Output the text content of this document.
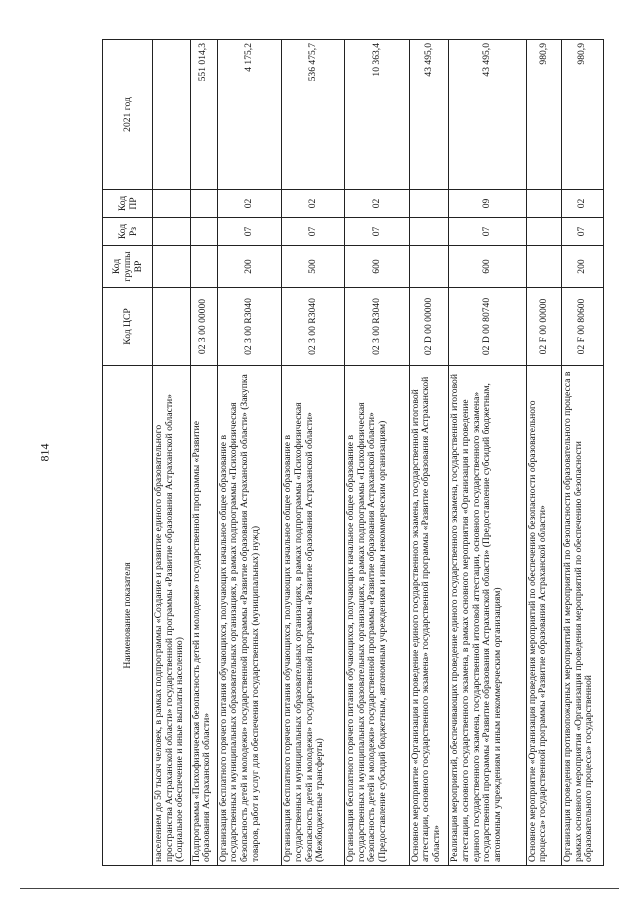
814
Наименование показателя	Код ЦСР	Код группы ВР	Код Рз	Код ПР	2021 год
населением до 50 тысяч человек, в рамках подпрограммы «Создание и развитие единого образовательного пространства Астраханской области» государственной программы «Развитие образования Астраханской области» (Социальное обеспечение и иные выплаты населению)					
Подпрограмма «Психофизическая безопасность детей и молодежи» государственной программы «Развитие образования Астраханской области»	02 3 00 00000				551 014,3
Организация бесплатного горячего питания обучающихся, получающих начальное общее образование в государственных и муниципальных образовательных организациях, в рамках подпрограммы «Психофизическая безопасность детей и молодежи» государственной программы «Развитие образования Астраханской области» (Закупка товаров, работ и услуг для обеспечения государственных (муниципальных) нужд)	02 3 00 R3040	200	07	02	4 175,2
Организация бесплатного горячего питания обучающихся, получающих начальное общее образование в государственных и муниципальных образовательных организациях, в рамках подпрограммы «Психофизическая безопасность детей и молодежи» государственной программы «Развитие образования Астраханской области» (Межбюджетные трансферты)	02 3 00 R3040	500	07	02	536 475,7
Организация бесплатного горячего питания обучающихся, получающих начальное общее образование в государственных и муниципальных образовательных организациях, в рамках подпрограммы «Психофизическая безопасность детей и молодежи» государственной программы «Развитие образования Астраханской области» (Предоставление субсидий бюджетным, автономным учреждениям и иным некоммерческим организациям)	02 3 00 R3040	600	07	02	10 363,4
Основное мероприятие «Организация и проведение единого государственного экзамена, государственной итоговой аттестации, основного государственного экзамена» государственной программы «Развитие образования Астраханской области»	02 D 00 00000				43 495,0
Реализация мероприятий, обеспечивающих проведение единого государственного экзамена, государственной итоговой аттестации, основного государственного экзамена, в рамках основного мероприятия «Организация и проведение единого государственного экзамена, государственной итоговой аттестации, основного государственного экзамена» государственной программы «Развитие образования Астраханской области» (Предоставление субсидий бюджетным, автономным учреждениям и иным некоммерческим организациям)	02 D 00 80740	600	07	09	43 495,0
Основное мероприятие «Организация проведения мероприятий по обеспечению безопасности образовательного процесса» государственной программы «Развитие образования Астраханской области»	02 F 00 00000				980,9
Организация проведения противопожарных мероприятий и мероприятий по безопасности образовательного процесса в рамках основного мероприятия «Организация проведения мероприятий по обеспечению безопасности образовательного процесса» государственной	02 F 00 80600	200	07	02	980,9
